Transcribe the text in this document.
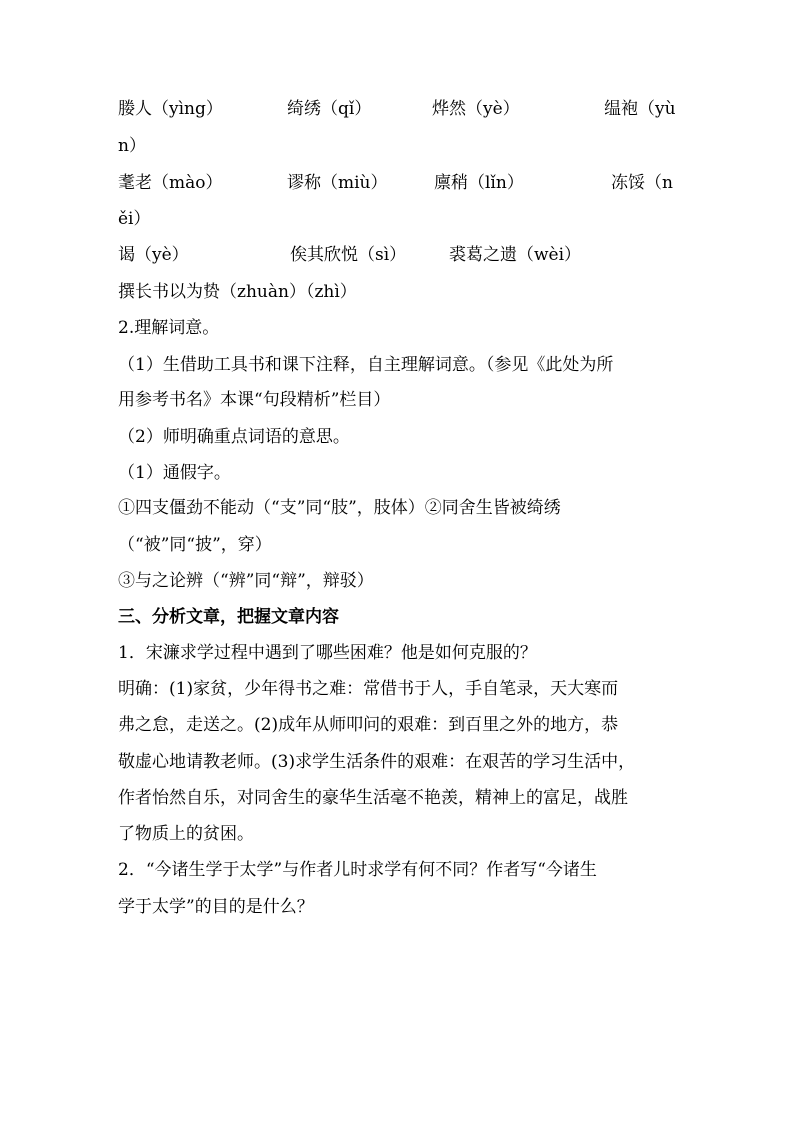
媵人（yìng）	绮绣（qǐ）	烨然（yè）	缊袍（yù
n）
耄老（mào）	谬称（miù）	廪稍（lǐn）	冻馁（n
ěi）
谒（yè）	俟其欣悦（sì）	裘葛之遗（wèi）
撰长书以为贽（zhuàn）（zhì）
2.理解词意。
（1）生借助工具书和课下注释，自主理解词意。（参见《此处为所
用参考书名》本课“句段精析”栏目）
（2）师明确重点词语的意思。
（1）通假字。
①四支僵劲不能动（“支”同“肢”，肢体）②同舍生皆被绮绣
（“被”同“披”，穿）
③与之论辨（“辨”同“辩”，辩驳）
三、分析文章，把握文章内容
1．宋濂求学过程中遇到了哪些困难？他是如何克服的？
明确：(1)家贫，少年得书之难：常借书于人，手自笔录，天大寒而
弗之怠，走送之。(2)成年从师叩问的艰难：到百里之外的地方，恭
敬虚心地请教老师。(3)求学生活条件的艰难：在艰苦的学习生活中，
作者怡然自乐，对同舍生的豪华生活毫不艳羡，精神上的富足，战胜
了物质上的贫困。
2．“今诸生学于太学”与作者儿时求学有何不同？作者写“今诸生
学于太学”的目的是什么？
